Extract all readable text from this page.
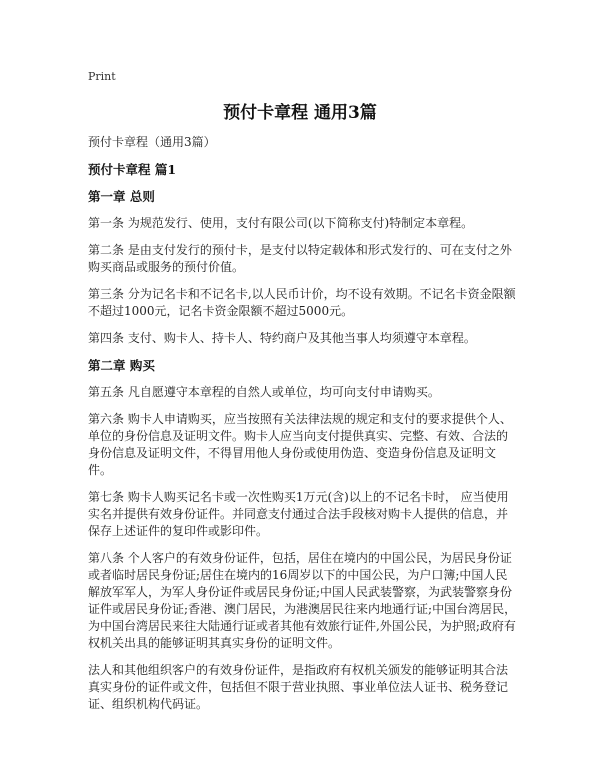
Print
预付卡章程 通用3篇

预付卡章程（通用3篇）

预付卡章程 篇1

第一章 总则

第一条 为规范发行、使用，支付有限公司(以下简称支付)特制定本章程。

第二条 是由支付发行的预付卡，是支付以特定载体和形式发行的、可在支付之外购买商品或服务的预付价值。

第三条 分为记名卡和不记名卡,以人民币计价，均不设有效期。不记名卡资金限额不超过1000元，记名卡资金限额不超过5000元。

第四条 支付、购卡人、持卡人、特约商户及其他当事人均须遵守本章程。

第二章 购买

第五条 凡自愿遵守本章程的自然人或单位，均可向支付申请购买。

第六条 购卡人申请购买，应当按照有关法律法规的规定和支付的要求提供个人、单位的身份信息及证明文件。购卡人应当向支付提供真实、完整、有效、合法的身份信息及证明文件，不得冒用他人身份或使用伪造、变造身份信息及证明文件。

第七条 购卡人购买记名卡或一次性购买1万元(含)以上的不记名卡时， 应当使用实名并提供有效身份证件。并同意支付通过合法手段核对购卡人提供的信息，并保存上述证件的复印件或影印件。

第八条 个人客户的有效身份证件，包括，居住在境内的中国公民，为居民身份证或者临时居民身份证;居住在境内的16周岁以下的中国公民，为户口簿;中国人民解放军军人，为军人身份证件或居民身份证;中国人民武装警察，为武装警察身份证件或居民身份证;香港、澳门居民，为港澳居民往来内地通行证;中国台湾居民，为中国台湾居民来往大陆通行证或者其他有效旅行证件,外国公民，为护照;政府有权机关出具的能够证明其真实身份的证明文件。

法人和其他组织客户的有效身份证件，是指政府有权机关颁发的能够证明其合法真实身份的证件或文件，包括但不限于营业执照、事业单位法人证书、税务登记证、组织机构代码证。
